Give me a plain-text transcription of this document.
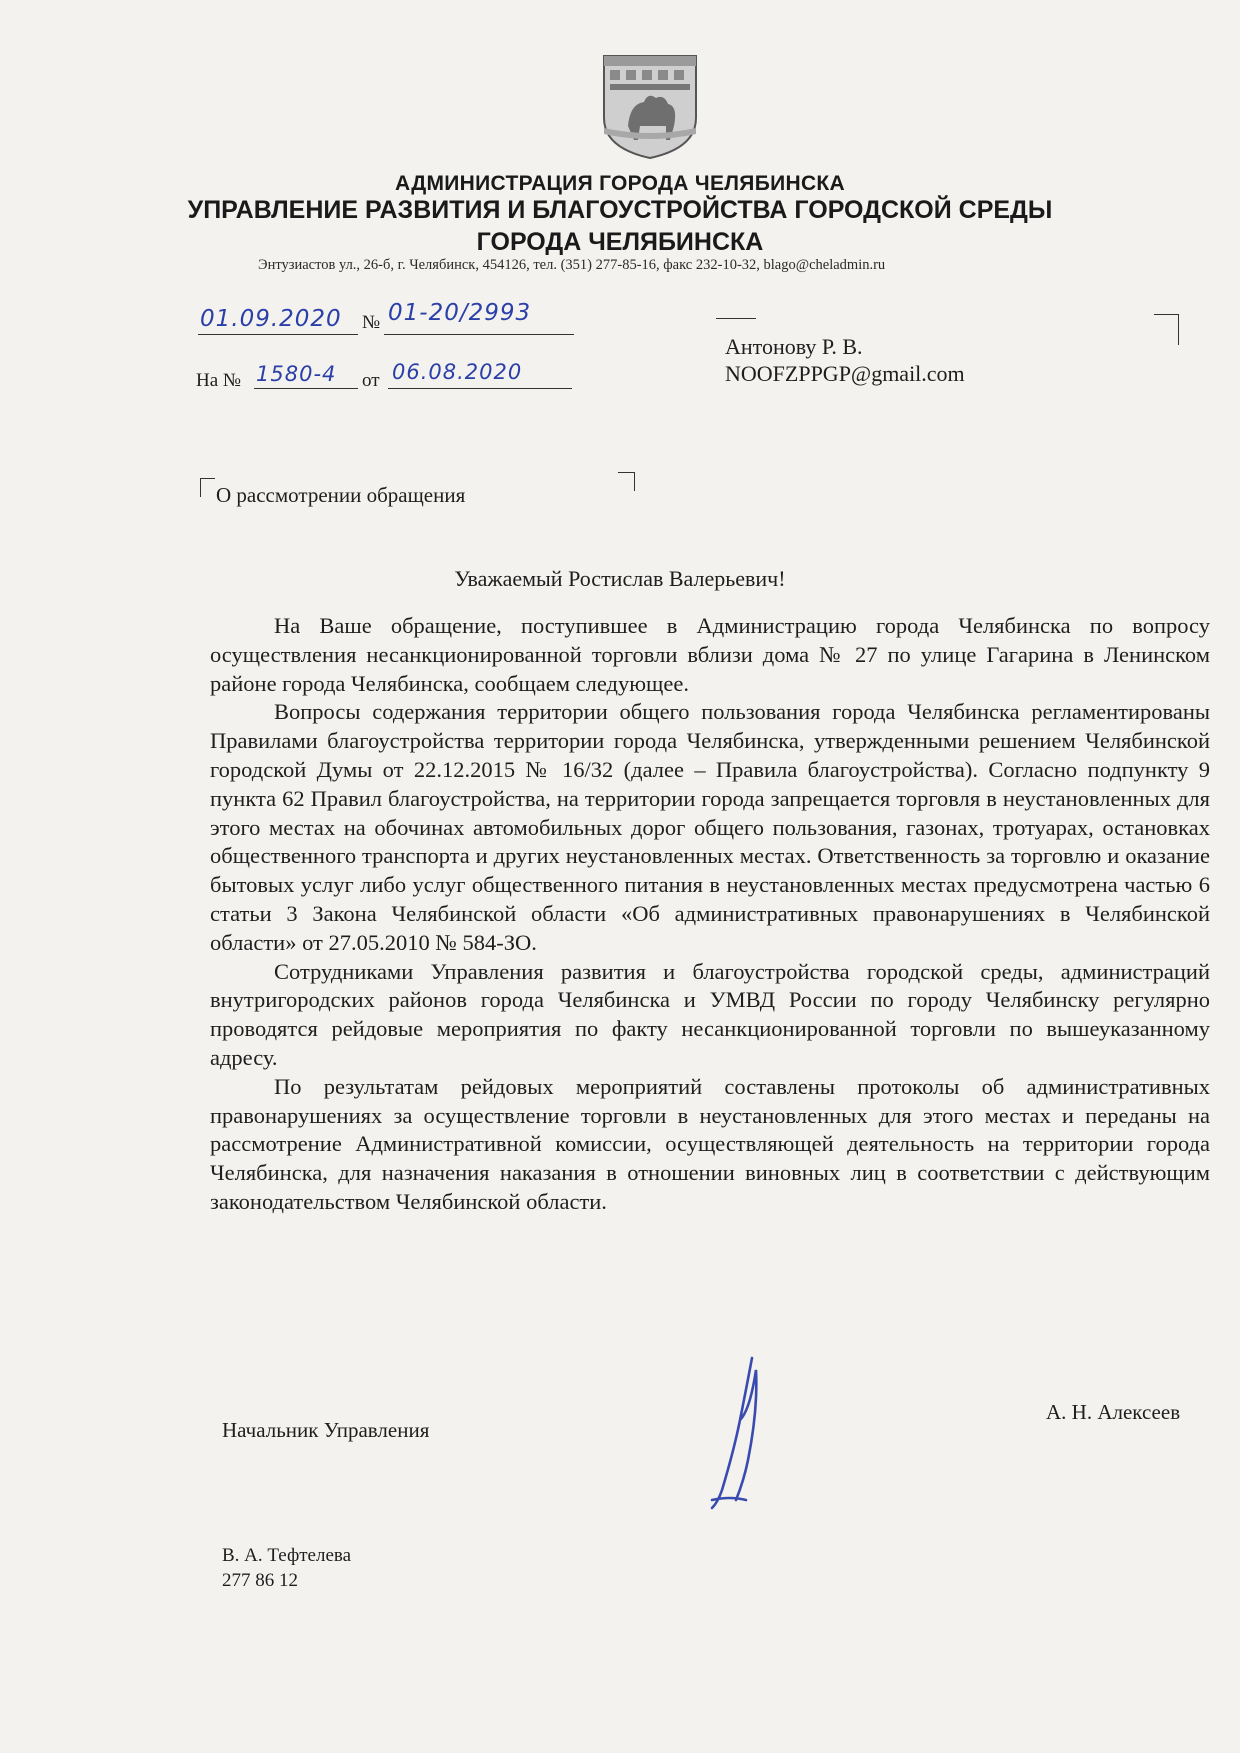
АДМИНИСТРАЦИЯ ГОРОДА ЧЕЛЯБИНСКА
УПРАВЛЕНИЕ РАЗВИТИЯ И БЛАГОУСТРОЙСТВА ГОРОДСКОЙ СРЕДЫ
ГОРОДА ЧЕЛЯБИНСКА
Энтузиастов ул., 26-б, г. Челябинск, 454126, тел. (351) 277-85-16, факс 232-10-32, blago@cheladmin.ru
01.09.2020 № 01-20/2993
На № 1580-4 от 06.08.2020
Антонову Р. В.
NOOFZPPGP@gmail.com
О рассмотрении обращения
Уважаемый Ростислав Валерьевич!

На Ваше обращение, поступившее в Администрацию города Челябинска по вопросу осуществления несанкционированной торговли вблизи дома № 27 по улице Гагарина в Ленинском районе города Челябинска, сообщаем следующее.

Вопросы содержания территории общего пользования города Челябинска регламентированы Правилами благоустройства территории города Челябинска, утвержденными решением Челябинской городской Думы от 22.12.2015 № 16/32 (далее – Правила благоустройства). Согласно подпункту 9 пункта 62 Правил благоустройства, на территории города запрещается торговля в неустановленных для этого местах на обочинах автомобильных дорог общего пользования, газонах, тротуарах, остановках общественного транспорта и других неустановленных местах. Ответственность за торговлю и оказание бытовых услуг либо услуг общественного питания в неустановленных местах предусмотрена частью 6 статьи 3 Закона Челябинской области «Об административных правонарушениях в Челябинской области» от 27.05.2010 № 584-ЗО.

Сотрудниками Управления развития и благоустройства городской среды, администраций внутригородских районов города Челябинска и УМВД России по городу Челябинску регулярно проводятся рейдовые мероприятия по факту несанкционированной торговли по вышеуказанному адресу.

По результатам рейдовых мероприятий составлены протоколы об административных правонарушениях за осуществление торговли в неустановленных для этого местах и переданы на рассмотрение Административной комиссии, осуществляющей деятельность на территории города Челябинска, для назначения наказания в отношении виновных лиц в соответствии с действующим законодательством Челябинской области.

Начальник Управления
А. Н. Алексеев
В. А. Тефтелева
277 86 12
